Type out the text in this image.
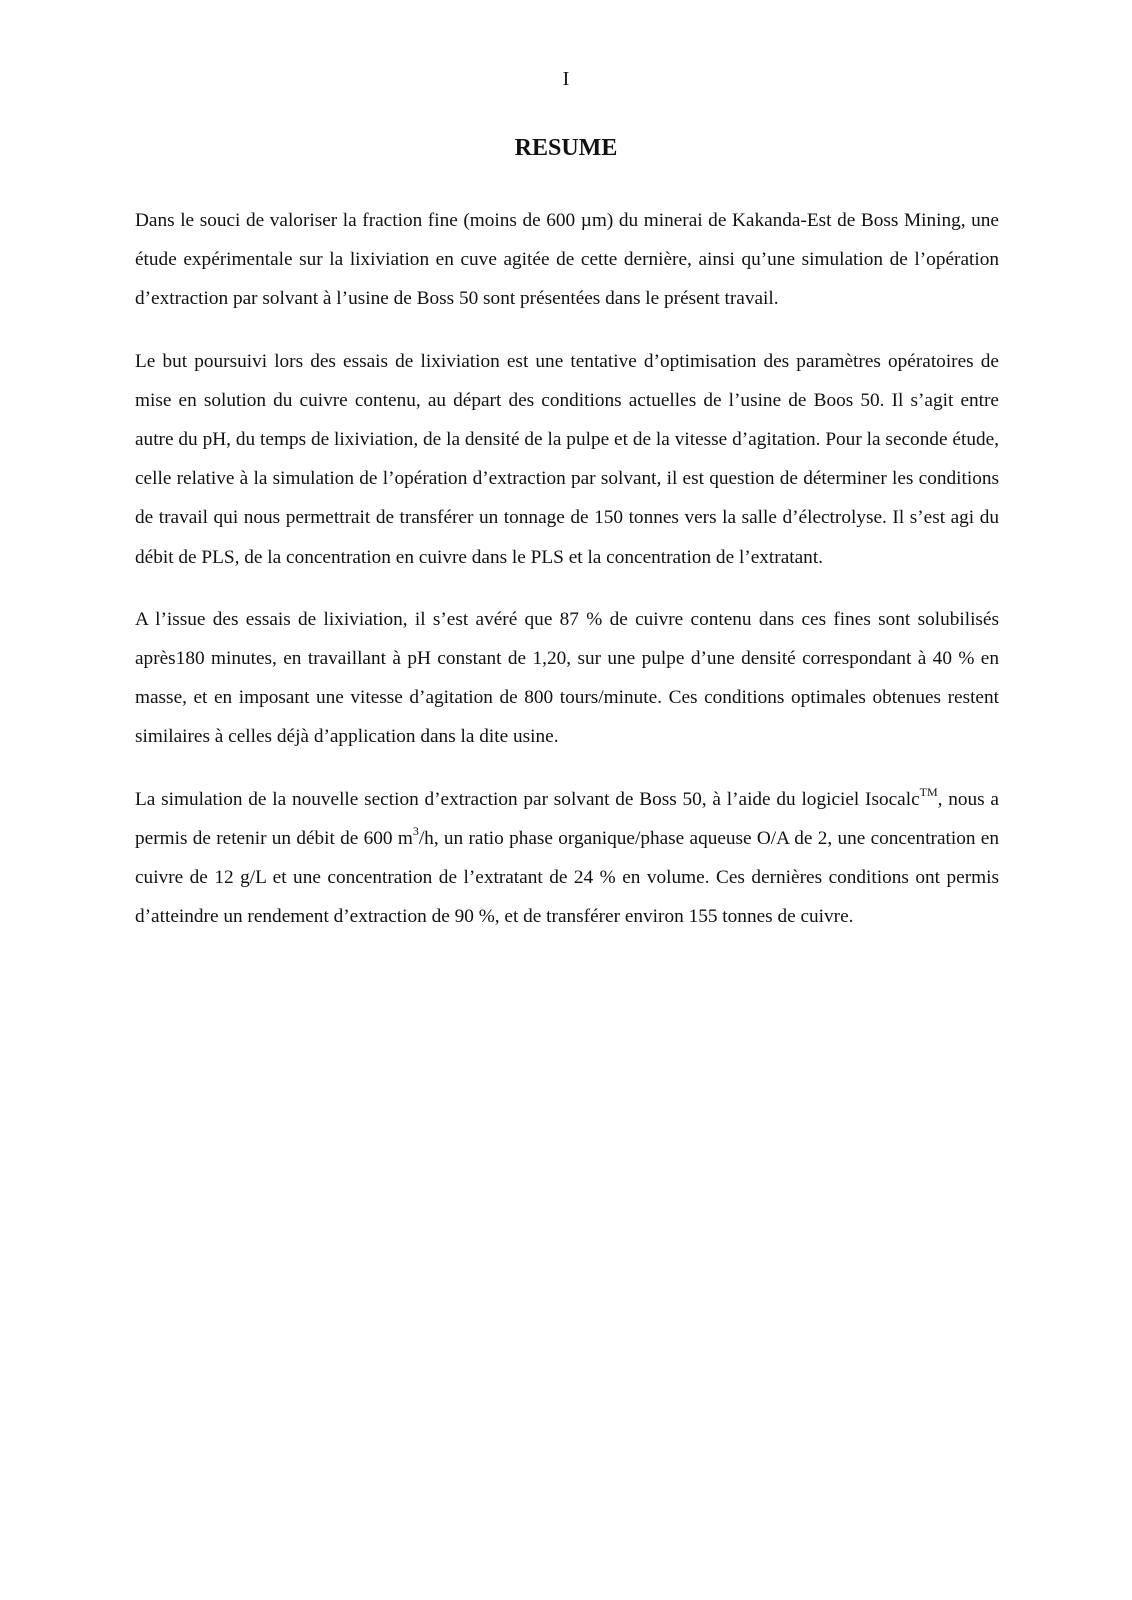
I
RESUME

Dans le souci de valoriser la fraction fine (moins de 600 µm) du minerai de Kakanda-Est de Boss Mining, une étude expérimentale sur la lixiviation en cuve agitée de cette dernière, ainsi qu’une simulation de l’opération d’extraction par solvant à l’usine de Boss 50 sont présentées dans le présent travail.

Le but poursuivi lors des essais de lixiviation est une tentative d’optimisation des paramètres opératoires de mise en solution du cuivre contenu, au départ des conditions actuelles de l’usine de Boos 50. Il s’agit entre autre du pH, du temps de lixiviation, de la densité de la pulpe et de la vitesse d’agitation. Pour la seconde étude, celle relative à la simulation de l’opération d’extraction par solvant, il est question de déterminer les conditions de travail qui nous permettrait de transférer un tonnage de 150 tonnes vers la salle d’électrolyse. Il s’est agi du débit de PLS, de la concentration en cuivre dans le PLS et la concentration de l’extratant.

A l’issue des essais de lixiviation, il s’est avéré que 87 % de cuivre contenu dans ces fines sont solubilisés après180 minutes, en travaillant à pH constant de 1,20, sur une pulpe d’une densité correspondant à 40 % en masse, et en imposant une vitesse d’agitation de 800 tours/minute. Ces conditions optimales obtenues restent similaires à celles déjà d’application dans la dite usine.

La simulation de la nouvelle section d’extraction par solvant de Boss 50, à l’aide du logiciel Isocalc™, nous a permis de retenir un débit de 600 $m^3/h$, un ratio phase organique/phase aqueuse O/A de 2, une concentration en cuivre de 12 g/L et une concentration de l’extratant de 24 % en volume. Ces dernières conditions ont permis d’atteindre un rendement d’extraction de 90 %, et de transférer environ 155 tonnes de cuivre.
